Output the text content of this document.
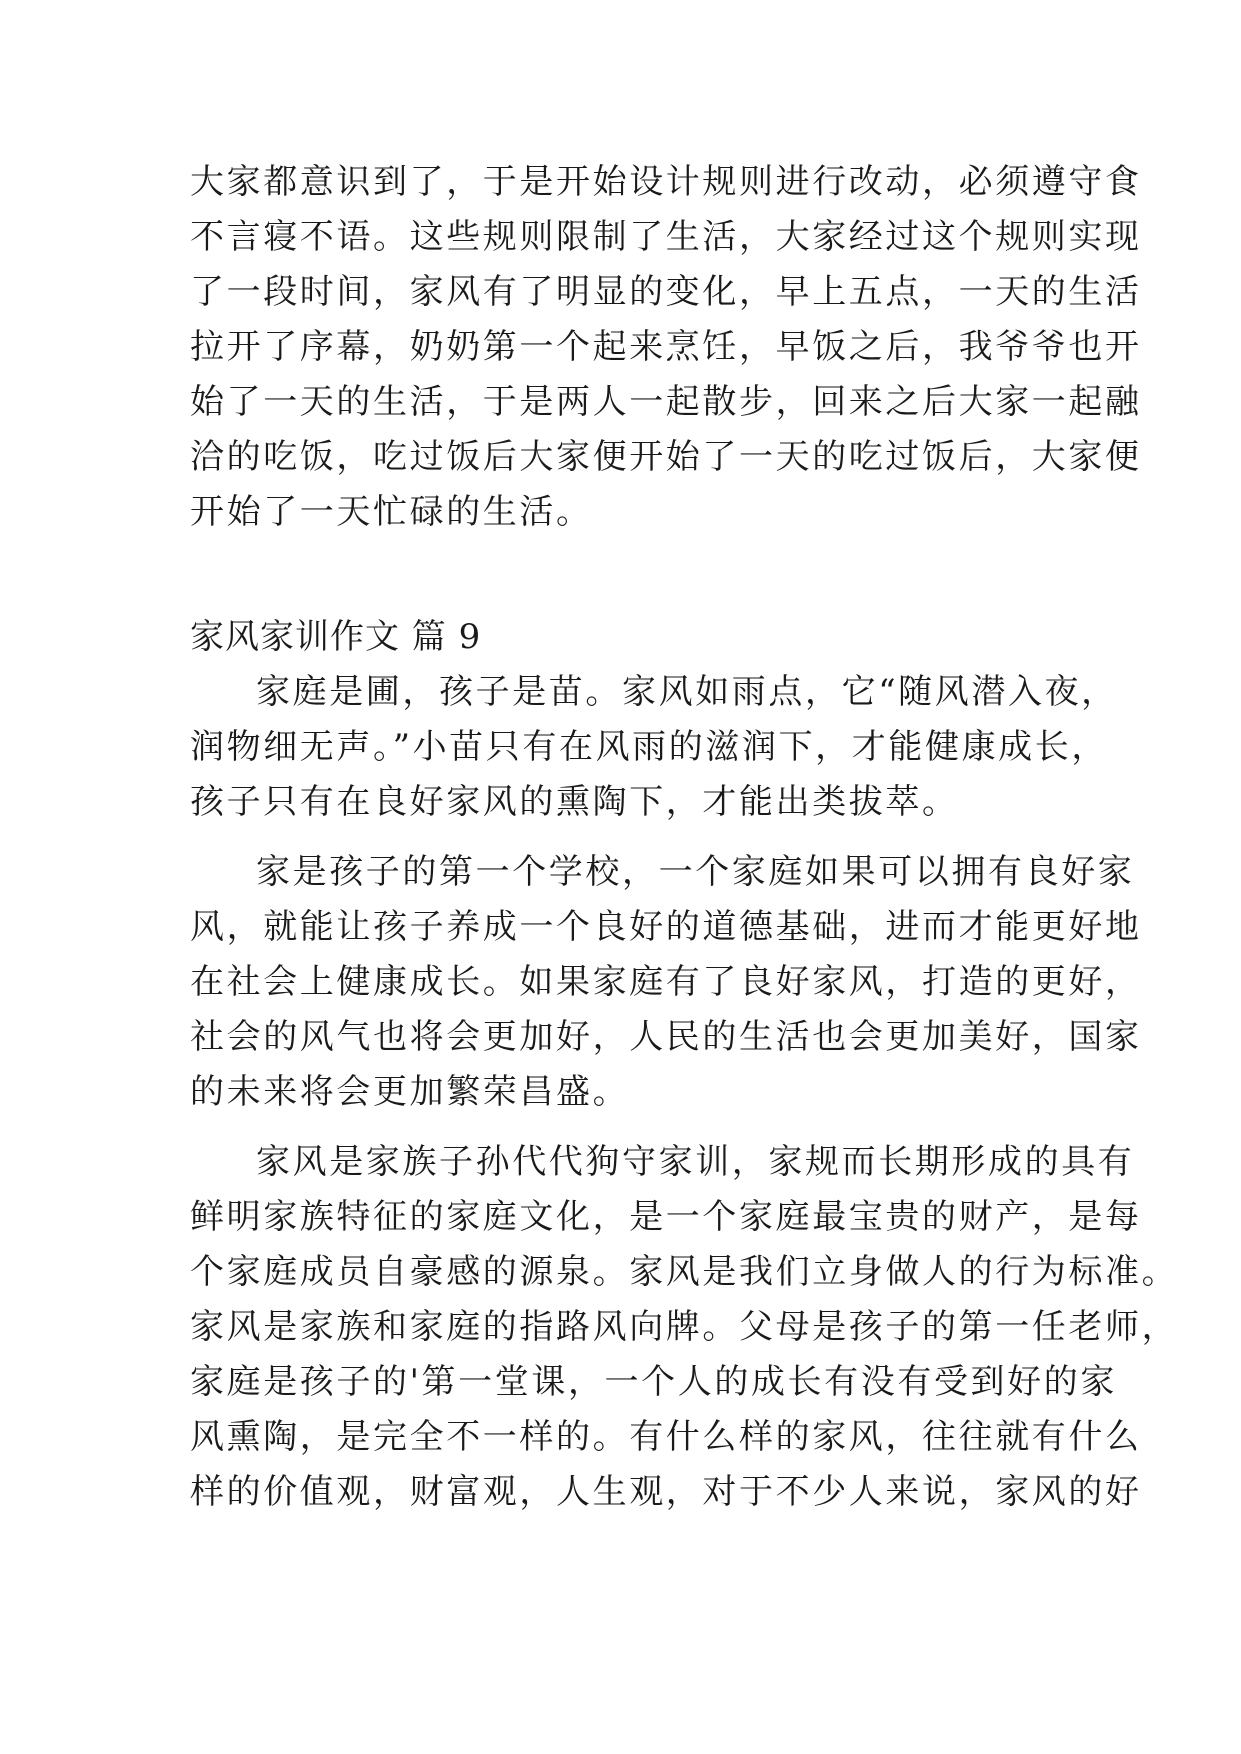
大家都意识到了，于是开始设计规则进行改动，必须遵守食
不言寝不语。这些规则限制了生活，大家经过这个规则实现
了一段时间，家风有了明显的变化，早上五点，一天的生活
拉开了序幕，奶奶第一个起来烹饪，早饭之后，我爷爷也开
始了一天的生活，于是两人一起散步，回来之后大家一起融
洽的吃饭，吃过饭后大家便开始了一天的吃过饭后，大家便
开始了一天忙碌的生活。
家风家训作文 篇 9
家庭是圃，孩子是苗。家风如雨点，它“随风潜入夜，
润物细无声。”小苗只有在风雨的滋润下，才能健康成长，
孩子只有在良好家风的熏陶下，才能出类拔萃。
家是孩子的第一个学校，一个家庭如果可以拥有良好家
风，就能让孩子养成一个良好的道德基础，进而才能更好地
在社会上健康成长。如果家庭有了良好家风，打造的更好，
社会的风气也将会更加好，人民的生活也会更加美好，国家
的未来将会更加繁荣昌盛。
家风是家族子孙代代狗守家训，家规而长期形成的具有
鲜明家族特征的家庭文化，是一个家庭最宝贵的财产，是每
个家庭成员自豪感的源泉。家风是我们立身做人的行为标准。
家风是家族和家庭的指路风向牌。父母是孩子的第一任老师，
家庭是孩子的'第一堂课，一个人的成长有没有受到好的家
风熏陶，是完全不一样的。有什么样的家风，往往就有什么
样的价值观，财富观，人生观，对于不少人来说，家风的好
